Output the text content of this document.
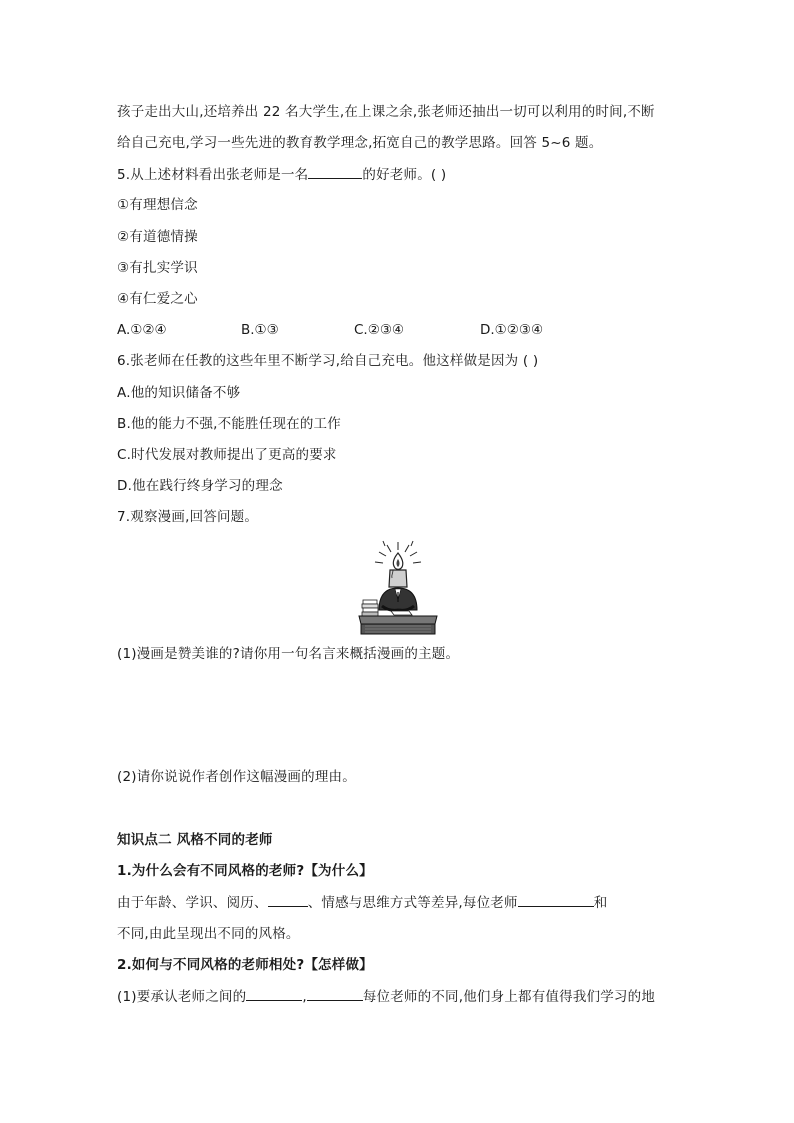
孩子走出大山,还培养出 22 名大学生,在上课之余,张老师还抽出一切可以利用的时间,不断
给自己充电,学习一些先进的教育教学理念,拓宽自己的教学思路。回答 5~6 题。
5.从上述材料看出张老师是一名	的好老师。( )
①有理想信念
②有道德情操
③有扎实学识
④有仁爱之心
A.①②④	B.①③	C.②③④	D.①②③④
6.张老师在任教的这些年里不断学习,给自己充电。他这样做是因为 ( )
A.他的知识储备不够
B.他的能力不强,不能胜任现在的工作
C.时代发展对教师提出了更高的要求
D.他在践行终身学习的理念
7.观察漫画,回答问题。
(1)漫画是赞美谁的?请你用一句名言来概括漫画的主题。
(2)请你说说作者创作这幅漫画的理由。
知识点二 风格不同的老师
1.为什么会有不同风格的老师?【为什么】
由于年龄、学识、阅历、	、情感与思维方式等差异,每位老师	和
不同,由此呈现出不同的风格。
2.如何与不同风格的老师相处?【怎样做】
(1)要承认老师之间的	,	每位老师的不同,他们身上都有值得我们学习的地
